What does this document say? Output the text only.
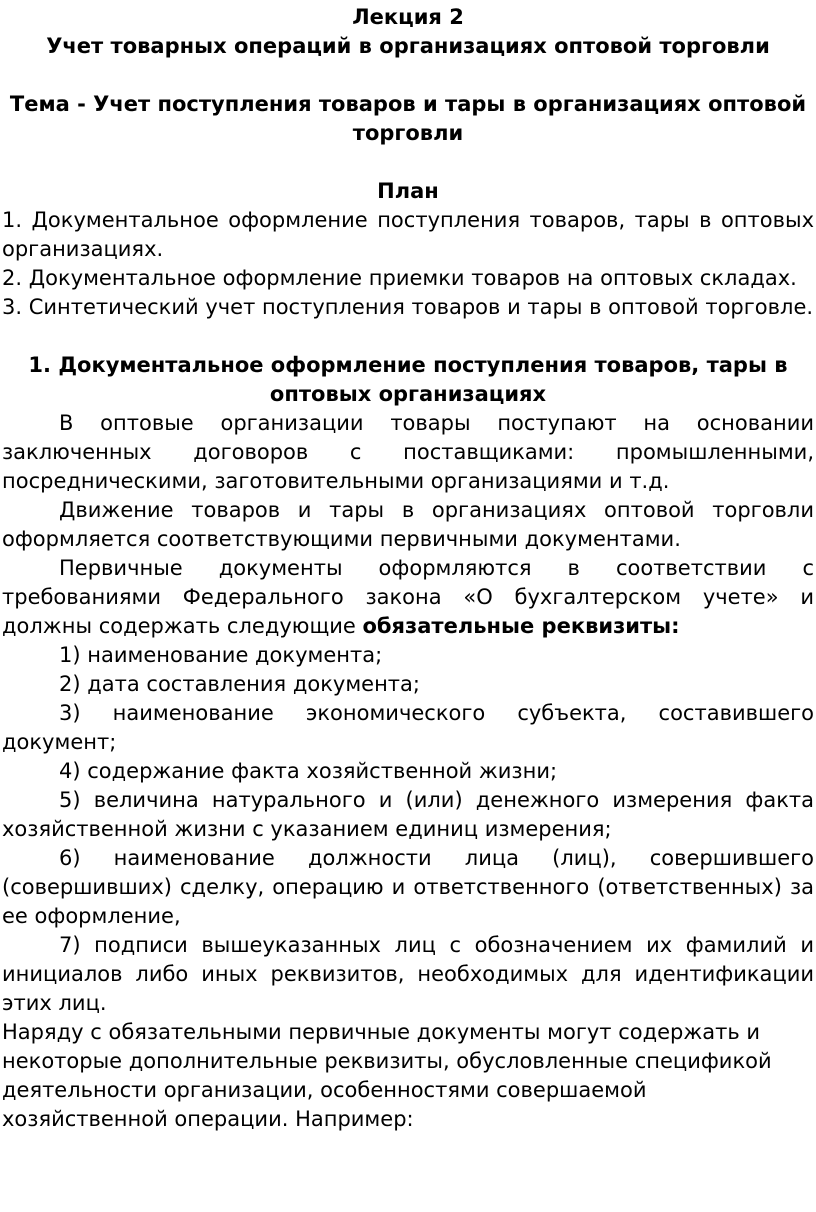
Лекция 2
Учет товарных операций в организациях оптовой торговли
Тема - Учет поступления товаров и тары в организациях оптовой торговли
План
1. Документальное оформление поступления товаров, тары в оптовых организациях.
2. Документальное оформление приемки товаров на оптовых складах.
3. Синтетический учет поступления товаров и тары в оптовой торговле.
1. Документальное оформление поступления товаров, тары в оптовых организациях

В оптовые организации товары поступают на основании заключенных договоров с поставщиками: промышленными, посредническими, заготовительными организациями и т.д.

Движение товаров и тары в организациях оптовой торговли оформляется соответствующими первичными документами.

Первичные документы оформляются в соответствии с требованиями Федерального закона «О бухгалтерском учете» и должны содержать следующие обязательные реквизиты:

1) наименование документа;

2) дата составления документа;

3) наименование экономического субъекта, составившего документ;

4) содержание факта хозяйственной жизни;

5) величина натурального и (или) денежного измерения факта хозяйственной жизни с указанием единиц измерения;

6) наименование должности лица (лиц), совершившего (совершивших) сделку, операцию и ответственного (ответственных) за ее оформление,

7) подписи вышеуказанных лиц с обозначением их фамилий и инициалов либо иных реквизитов, необходимых для идентификации этих лиц.

Наряду с обязательными первичные документы могут содержать и некоторые дополнительные реквизиты, обусловленные спецификой деятельности организации, особенностями совершаемой хозяйственной операции. Например:
